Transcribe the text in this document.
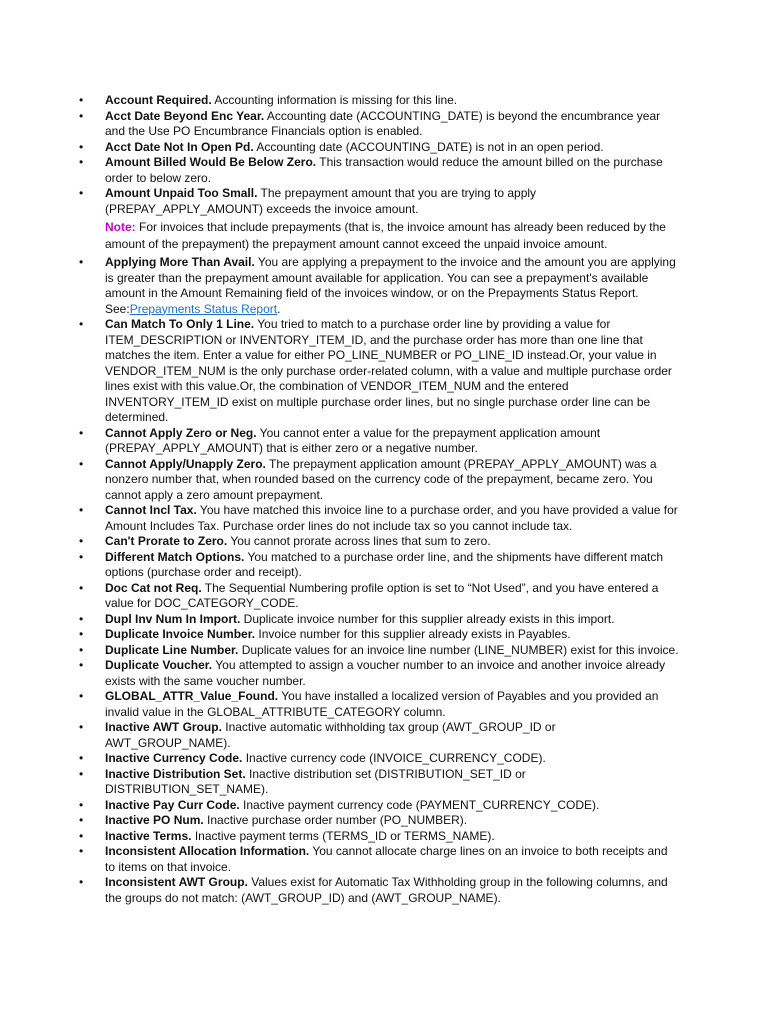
• Account Required. Accounting information is missing for this line.
• Acct Date Beyond Enc Year. Accounting date (ACCOUNTING_DATE) is beyond the encumbrance year and the Use PO Encumbrance Financials option is enabled.
• Acct Date Not In Open Pd. Accounting date (ACCOUNTING_DATE) is not in an open period.
• Amount Billed Would Be Below Zero. This transaction would reduce the amount billed on the purchase order to below zero.
• Amount Unpaid Too Small. The prepayment amount that you are trying to apply (PREPAY_APPLY_AMOUNT) exceeds the invoice amount.
Note: For invoices that include prepayments (that is, the invoice amount has already been reduced by the amount of the prepayment) the prepayment amount cannot exceed the unpaid invoice amount.
• Applying More Than Avail. You are applying a prepayment to the invoice and the amount you are applying is greater than the prepayment amount available for application. You can see a prepayment's available amount in the Amount Remaining field of the invoices window, or on the Prepayments Status Report. See:Prepayments Status Report.
• Can Match To Only 1 Line. You tried to match to a purchase order line by providing a value for ITEM_DESCRIPTION or INVENTORY_ITEM_ID, and the purchase order has more than one line that matches the item. Enter a value for either PO_LINE_NUMBER or PO_LINE_ID instead.Or, your value in VENDOR_ITEM_NUM is the only purchase order-related column, with a value and multiple purchase order lines exist with this value.Or, the combination of VENDOR_ITEM_NUM and the entered INVENTORY_ITEM_ID exist on multiple purchase order lines, but no single purchase order line can be determined.
• Cannot Apply Zero or Neg. You cannot enter a value for the prepayment application amount (PREPAY_APPLY_AMOUNT) that is either zero or a negative number.
• Cannot Apply/Unapply Zero. The prepayment application amount (PREPAY_APPLY_AMOUNT) was a nonzero number that, when rounded based on the currency code of the prepayment, became zero. You cannot apply a zero amount prepayment.
• Cannot Incl Tax. You have matched this invoice line to a purchase order, and you have provided a value for Amount Includes Tax. Purchase order lines do not include tax so you cannot include tax.
• Can't Prorate to Zero. You cannot prorate across lines that sum to zero.
• Different Match Options. You matched to a purchase order line, and the shipments have different match options (purchase order and receipt).
• Doc Cat not Req. The Sequential Numbering profile option is set to “Not Used”, and you have entered a value for DOC_CATEGORY_CODE.
• Dupl Inv Num In Import. Duplicate invoice number for this supplier already exists in this import.
• Duplicate Invoice Number. Invoice number for this supplier already exists in Payables.
• Duplicate Line Number. Duplicate values for an invoice line number (LINE_NUMBER) exist for this invoice.
• Duplicate Voucher. You attempted to assign a voucher number to an invoice and another invoice already exists with the same voucher number.
• GLOBAL_ATTR_Value_Found. You have installed a localized version of Payables and you provided an invalid value in the GLOBAL_ATTRIBUTE_CATEGORY column.
• Inactive AWT Group. Inactive automatic withholding tax group (AWT_GROUP_ID or AWT_GROUP_NAME).
• Inactive Currency Code. Inactive currency code (INVOICE_CURRENCY_CODE).
• Inactive Distribution Set. Inactive distribution set (DISTRIBUTION_SET_ID or DISTRIBUTION_SET_NAME).
• Inactive Pay Curr Code. Inactive payment currency code (PAYMENT_CURRENCY_CODE).
• Inactive PO Num. Inactive purchase order number (PO_NUMBER).
• Inactive Terms. Inactive payment terms (TERMS_ID or TERMS_NAME).
• Inconsistent Allocation Information. You cannot allocate charge lines on an invoice to both receipts and to items on that invoice.
• Inconsistent AWT Group. Values exist for Automatic Tax Withholding group in the following columns, and the groups do not match: (AWT_GROUP_ID) and (AWT_GROUP_NAME).
